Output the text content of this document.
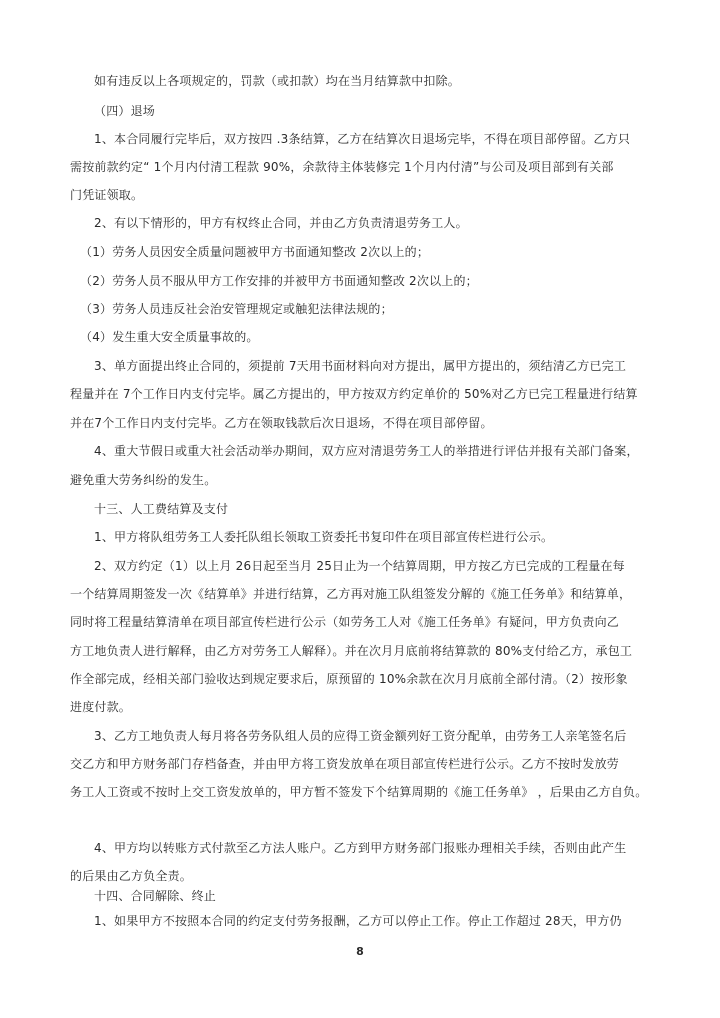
如有违反以上各项规定的，罚款（或扣款）均在当月结算款中扣除。
（四）退场
1、本合同履行完毕后，双方按四 .3条结算，乙方在结算次日退场完毕，不得在项目部停留。乙方只
需按前款约定“ 1个月内付清工程款 90%，余款待主体装修完 1个月内付清”与公司及项目部到有关部
门凭证领取。
2、有以下情形的，甲方有权终止合同，并由乙方负责清退劳务工人。
（1）劳务人员因安全质量问题被甲方书面通知整改 2次以上的；
（2）劳务人员不服从甲方工作安排的并被甲方书面通知整改 2次以上的；
（3）劳务人员违反社会治安管理规定或触犯法律法规的；
（4）发生重大安全质量事故的。
3、单方面提出终止合同的，须提前 7天用书面材料向对方提出，属甲方提出的，须结清乙方已完工
程量并在 7个工作日内支付完毕。属乙方提出的，甲方按双方约定单价的 50%对乙方已完工程量进行结算
并在7个工作日内支付完毕。乙方在领取钱款后次日退场，不得在项目部停留。
4、重大节假日或重大社会活动举办期间，双方应对清退劳务工人的举措进行评估并报有关部门备案，
避免重大劳务纠纷的发生。
十三、人工费结算及支付
1、甲方将队组劳务工人委托队组长领取工资委托书复印件在项目部宣传栏进行公示。
2、双方约定（1）以上月 26日起至当月 25日止为一个结算周期，甲方按乙方已完成的工程量在每
一个结算周期签发一次《结算单》并进行结算，乙方再对施工队组签发分解的《施工任务单》和结算单，
同时将工程量结算清单在项目部宣传栏进行公示（如劳务工人对《施工任务单》有疑问，甲方负责向乙
方工地负责人进行解释，由乙方对劳务工人解释）。并在次月月底前将结算款的 80%支付给乙方，承包工
作全部完成，经相关部门验收达到规定要求后，原预留的 10%余款在次月月底前全部付清。（2）按形象
进度付款。
3、乙方工地负责人每月将各劳务队组人员的应得工资金额列好工资分配单，由劳务工人亲笔签名后
交乙方和甲方财务部门存档备查，并由甲方将工资发放单在项目部宣传栏进行公示。乙方不按时发放劳
务工人工资或不按时上交工资发放单的，甲方暂不签发下个结算周期的《施工任务单》 ，后果由乙方自负。
4、甲方均以转账方式付款至乙方法人账户。乙方到甲方财务部门报账办理相关手续，否则由此产生
的后果由乙方负全责。
十四、合同解除、终止
1、如果甲方不按照本合同的约定支付劳务报酬，乙方可以停止工作。停止工作超过 28天，甲方仍
8
